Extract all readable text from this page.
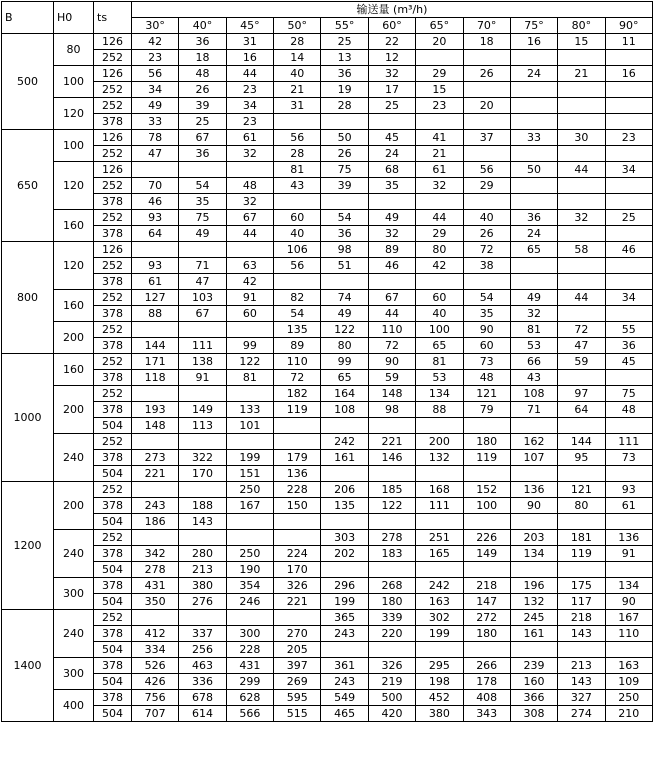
B	H0	ts	输送量 (m³/h)										
			30°	40°	45°	50°	55°	60°	65°	70°	75°	80°	90°
500	80	126	42	36	31	28	25	22	20	18	16	15	11
		252	23	18	16	14	13	12					
	100	126	56	48	44	40	36	32	29	26	24	21	16
		252	34	26	23	21	19	17	15				
	120	252	49	39	34	31	28	25	23	20			
		378	33	25	23								
650	100	126	78	67	61	56	50	45	41	37	33	30	23
		252	47	36	32	28	26	24	21				
	120	126				81	75	68	61	56	50	44	34
		252	70	54	48	43	39	35	32	29			
		378	46	35	32								
	160	252	93	75	67	60	54	49	44	40	36	32	25
		378	64	49	44	40	36	32	29	26	24		
800	120	126				106	98	89	80	72	65	58	46
		252	93	71	63	56	51	46	42	38			
		378	61	47	42								
	160	252	127	103	91	82	74	67	60	54	49	44	34
		378	88	67	60	54	49	44	40	35	32		
	200	252				135	122	110	100	90	81	72	55
		378	144	111	99	89	80	72	65	60	53	47	36
1000	160	252	171	138	122	110	99	90	81	73	66	59	45
		378	118	91	81	72	65	59	53	48	43		
	200	252				182	164	148	134	121	108	97	75
		378	193	149	133	119	108	98	88	79	71	64	48
		504	148	113	101								
	240	252					242	221	200	180	162	144	111
		378	273	322	199	179	161	146	132	119	107	95	73
		504	221	170	151	136							
1200	200	252			250	228	206	185	168	152	136	121	93
		378	243	188	167	150	135	122	111	100	90	80	61
		504	186	143									
	240	252					303	278	251	226	203	181	136
		378	342	280	250	224	202	183	165	149	134	119	91
		504	278	213	190	170							
	300	378	431	380	354	326	296	268	242	218	196	175	134
		504	350	276	246	221	199	180	163	147	132	117	90
1400	240	252					365	339	302	272	245	218	167
		378	412	337	300	270	243	220	199	180	161	143	110
		504	334	256	228	205							
	300	378	526	463	431	397	361	326	295	266	239	213	163
		504	426	336	299	269	243	219	198	178	160	143	109
	400	378	756	678	628	595	549	500	452	408	366	327	250
		504	707	614	566	515	465	420	380	343	308	274	210
